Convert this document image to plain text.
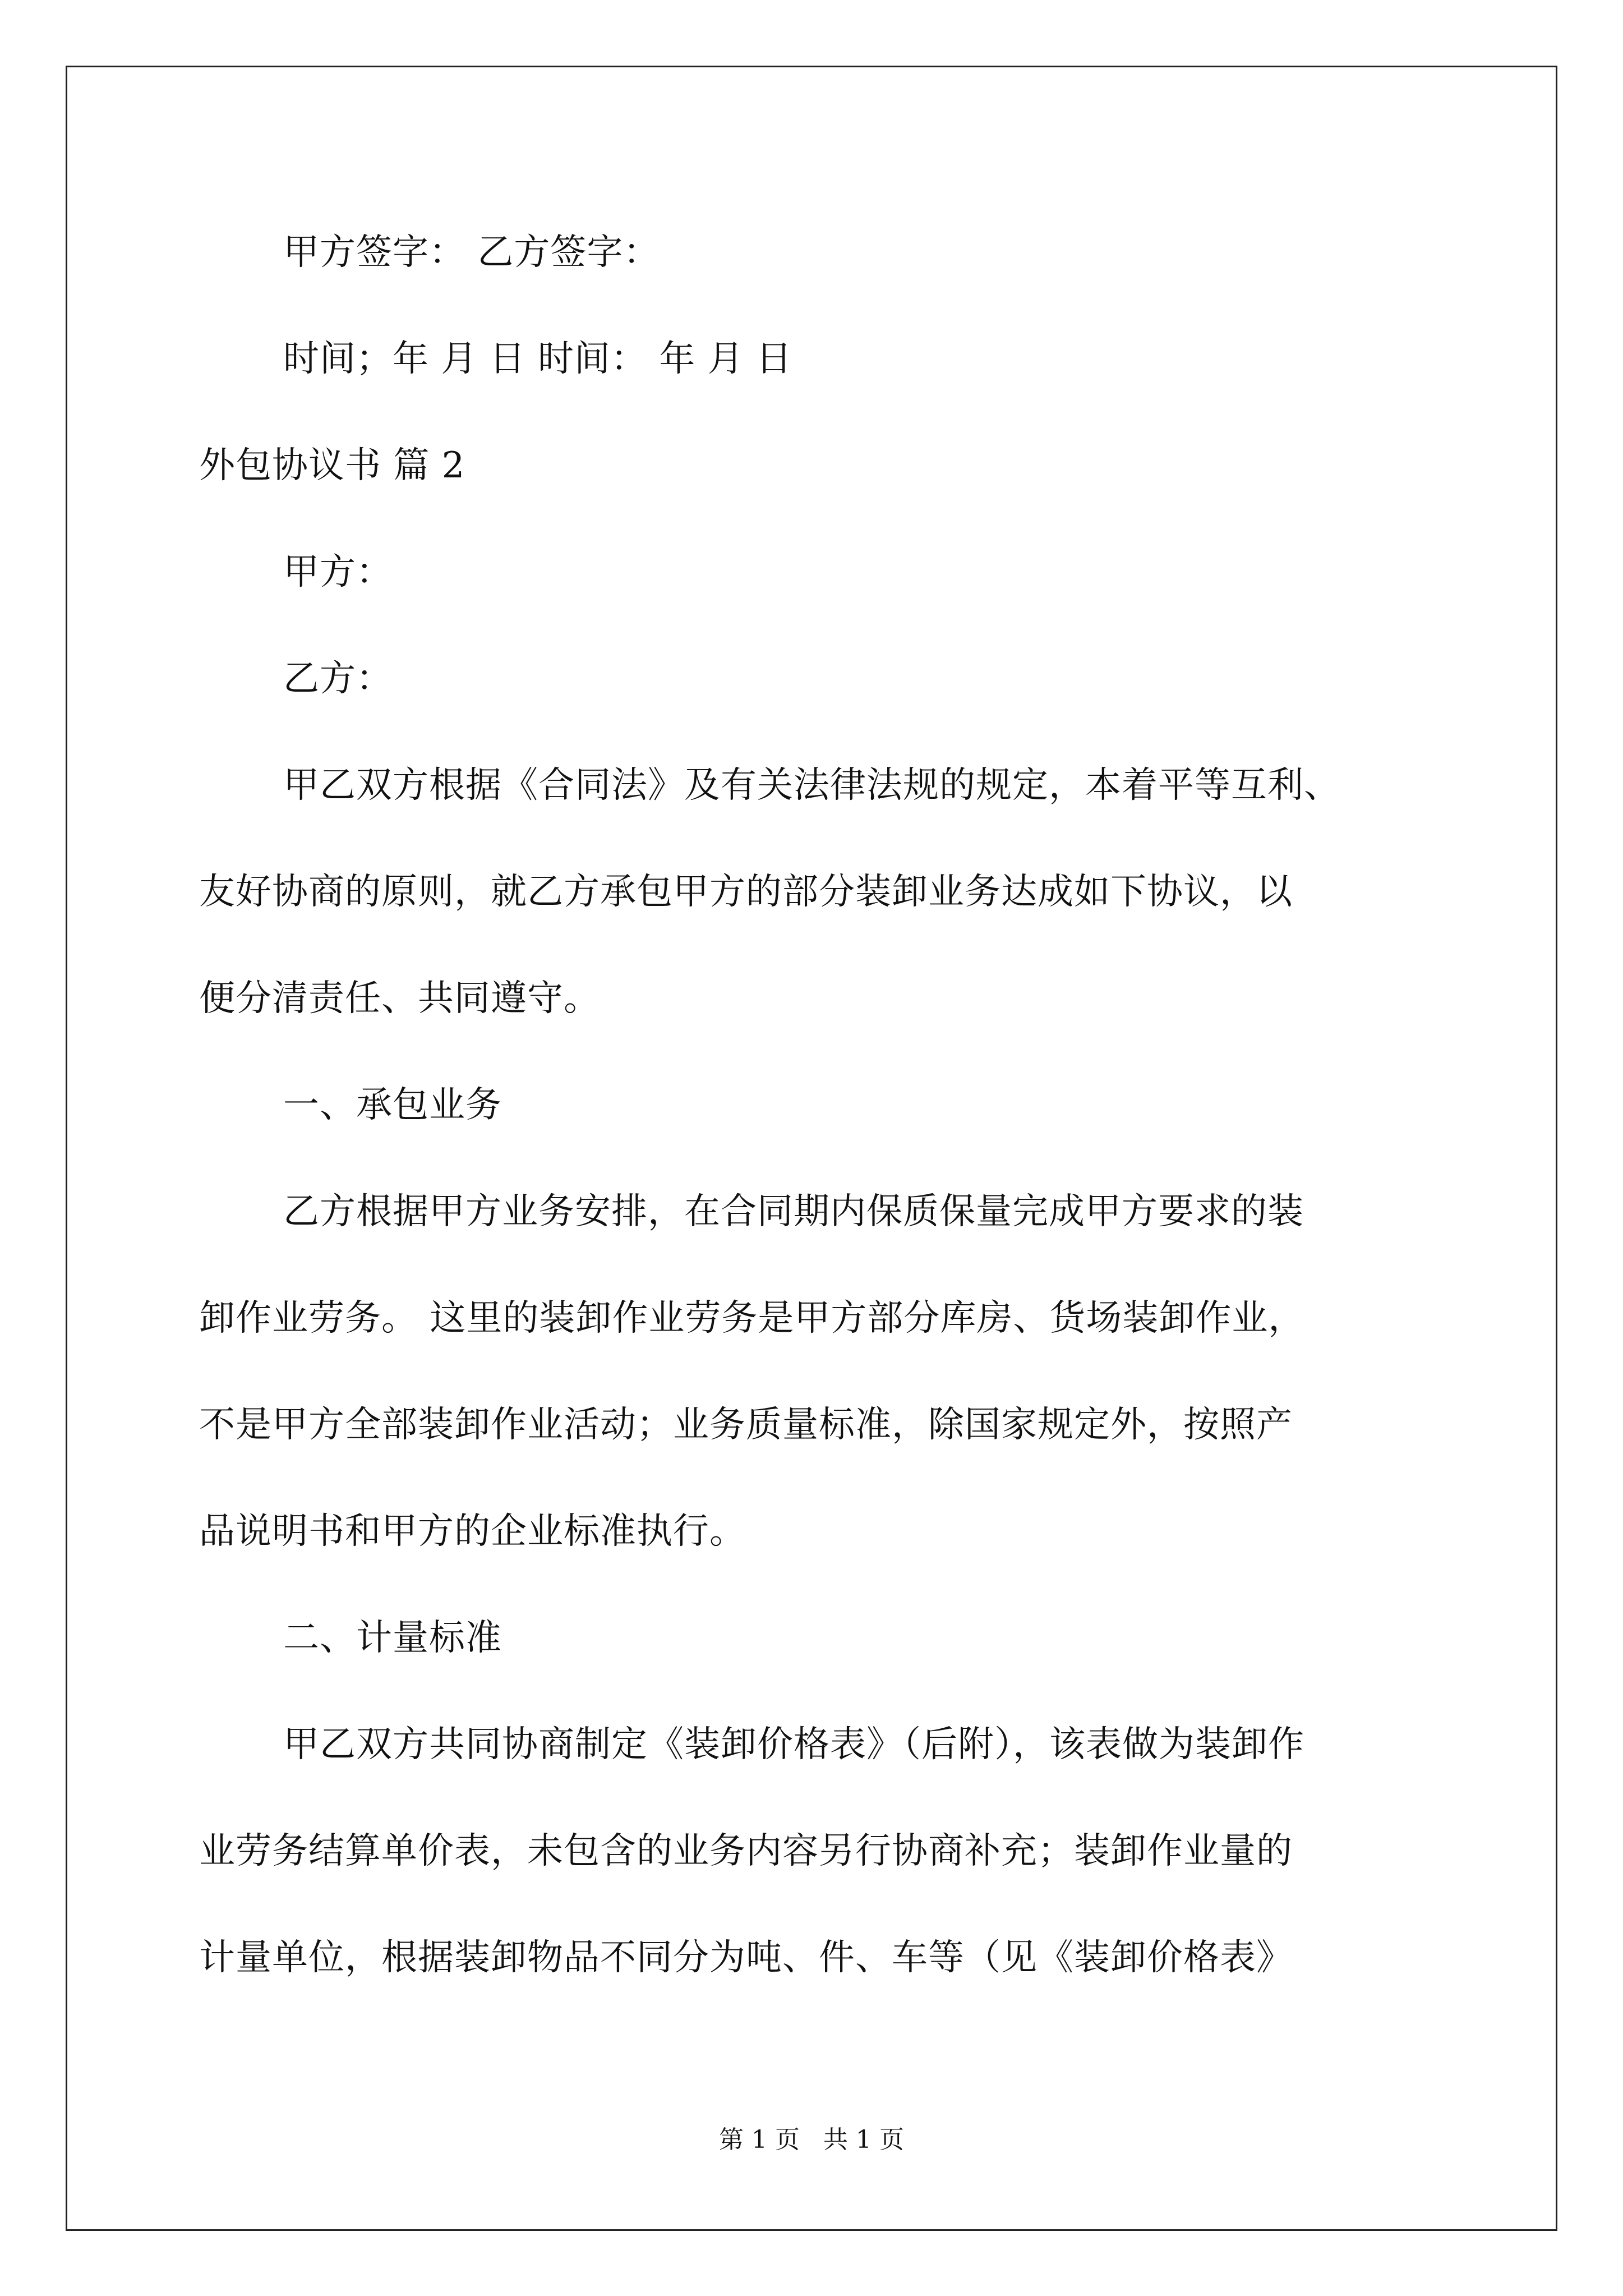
甲方签字： 乙方签字：
时间；年 月 日 时间： 年 月 日
外包协议书 篇 2
甲方：
乙方：
甲乙双方根据《合同法》及有关法律法规的规定，本着平等互利、
友好协商的原则，就乙方承包甲方的部分装卸业务达成如下协议，以
便分清责任、共同遵守。
一、承包业务
乙方根据甲方业务安排，在合同期内保质保量完成甲方要求的装
卸作业劳务。 这里的装卸作业劳务是甲方部分库房、货场装卸作业，
不是甲方全部装卸作业活动；业务质量标准，除国家规定外，按照产
品说明书和甲方的企业标准执行。
二、计量标准
甲乙双方共同协商制定《装卸价格表》（后附），该表做为装卸作
业劳务结算单价表，未包含的业务内容另行协商补充；装卸作业量的
计量单位，根据装卸物品不同分为吨、件、车等（见《装卸价格表》
第 1 页   共 1 页
